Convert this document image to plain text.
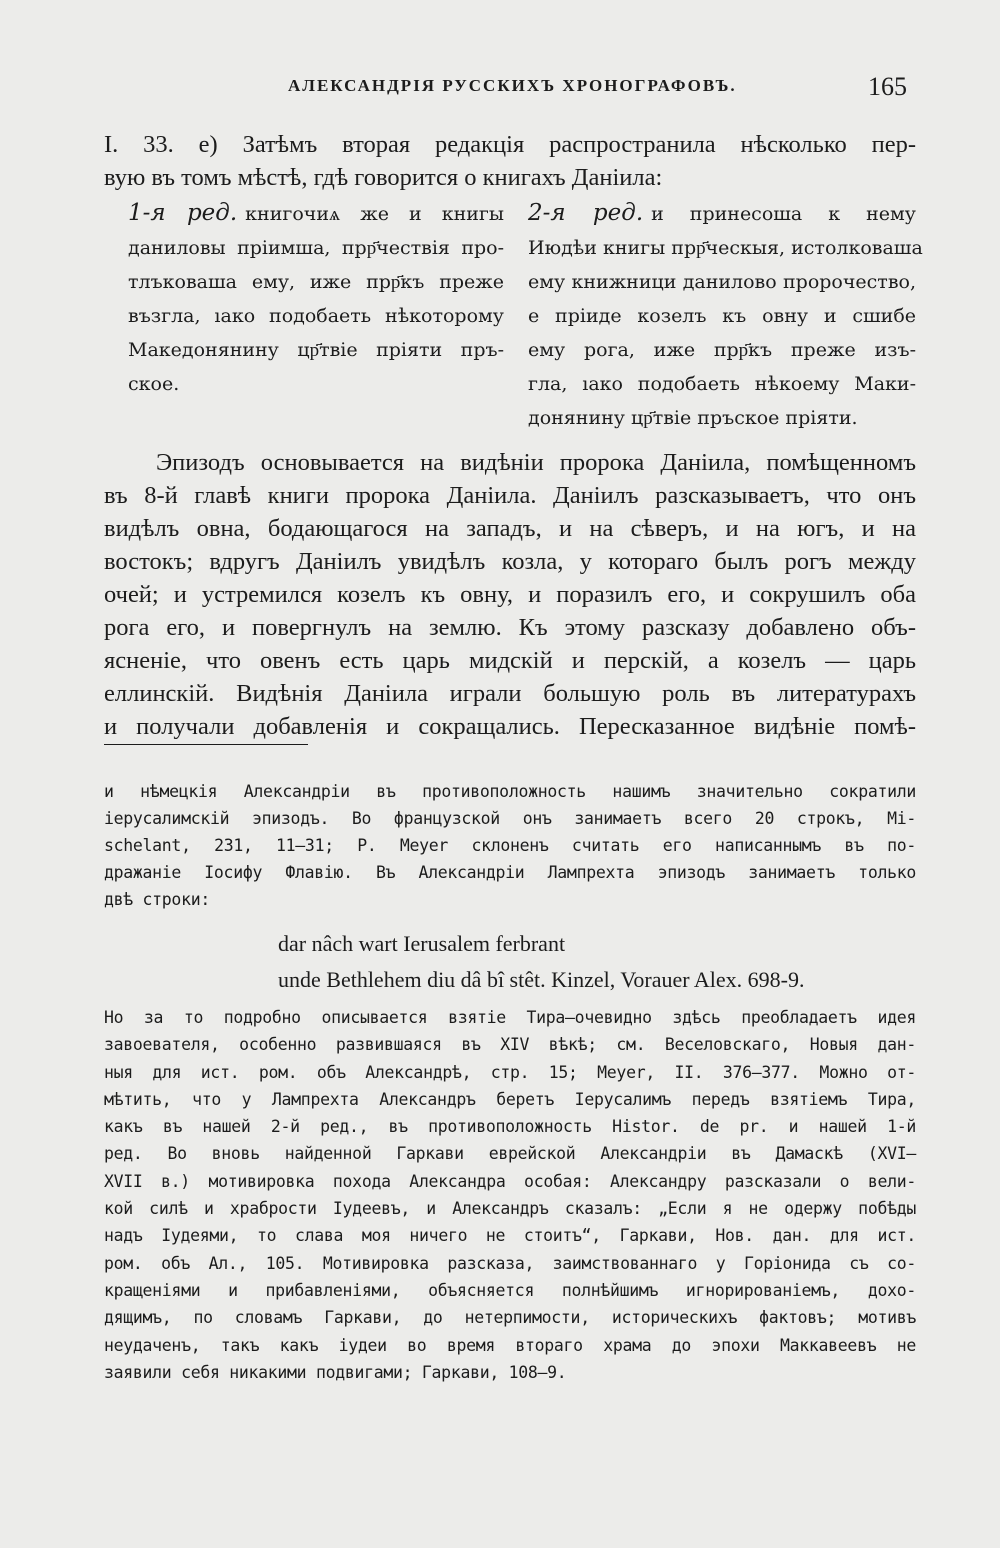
АЛЕКСАНДРІЯ РУССКИХЪ ХРОНОГРАФОВЪ.	165
I. 33. е) Затѣмъ вторая редакція распространила нѣсколько пер-
вую въ томъ мѣстѣ, гдѣ говорится о книгахъ Даніила:
1-я ред. книгочиѧ же и книгы
даниловы пріимша, прр҃чествія про-
тлъковаша ему, иже прр҃къ преже
възгла, ıако подобаеть нѣкоторому
Македонянину цр҃твіе пріяти пръ-
ское.
2-я ред. и принесоша к нему
Июдѣи книгы прр҃ческыя, истолковаша
ему книжници данилово пророчество,
е пріиде козелъ къ овну и сшибе
ему рога, иже прр҃къ преже изъ-
гла, ıако подобаеть нѣкоему Маки-
донянину цр҃твіе пръское пріяти.
Эпизодъ основывается на видѣніи пророка Даніила, помѣщенномъ
въ 8-й главѣ книги пророка Даніила. Даніилъ разсказываетъ, что онъ
видѣлъ овна, бодающагося на западъ, и на сѣверъ, и на югъ, и на
востокъ; вдругъ Даніилъ увидѣлъ козла, у котораго былъ рогъ между
очей; и устремился козелъ къ овну, и поразилъ его, и сокрушилъ оба
рога его, и повергнулъ на землю. Къ этому разсказу добавлено объ-
ясненіе, что овенъ есть царь мидскій и перскій, а козелъ — царь
еллинскій. Видѣнія Даніила играли большую роль въ литературахъ
и получали добавленія и сокращались. Пересказанное видѣніе помѣ-
и нѣмецкія Александріи въ противоположность нашимъ значительно сократили
іерусалимскій эпизодъ. Во французской онъ занимаетъ всего 20 строкъ, Mi-
schelant, 231, 11—31; P. Meyer склоненъ считать его написаннымъ въ по-
дражаніе Іосифу Флавію. Въ Александріи Лампрехта эпизодъ занимаетъ только
двѣ строки:
dar nâch wart Ierusalem ferbrant
unde Bethlehem diu dâ bî stêt. Kinzel, Vorauer Alex. 698-9.
Но за то подробно описывается взятіе Тира—очевидно здѣсь преобладаетъ идея
завоевателя, особенно развившаяся въ XIV вѣкѣ; см. Веселовскаго, Новыя дан-
ныя для ист. ром. объ Александрѣ, стр. 15; Meyer, II. 376—377. Можно от-
мѣтить, что у Лампрехта Александръ беретъ Іерусалимъ передъ взятіемъ Тира,
какъ въ нашей 2-й ред., въ противоположность Histor. de pr. и нашей 1-й
ред. Во вновь найденной Гаркави еврейской Александріи въ Дамаскѣ (XVI—
XVII в.) мотивировка похода Александра особая: Александру разсказали о вели-
кой силѣ и храбрости Іудеевъ, и Александръ сказалъ: „Если я не одержу побѣды
надъ Іудеями, то слава моя ничего не стоитъ“, Гаркави, Нов. дан. для ист.
ром. объ Ал., 105. Мотивировка разсказа, заимствованнаго у Горіонида съ со-
кращеніями и прибавленіями, объясняется полнѣйшимъ игнорированіемъ, дохо-
дящимъ, по словамъ Гаркави, до нетерпимости, историческихъ фактовъ; мотивъ
неудаченъ, такъ какъ іудеи во время втораго храма до эпохи Маккавеевъ не
заявили себя никакими подвигами; Гаркави, 108—9.
